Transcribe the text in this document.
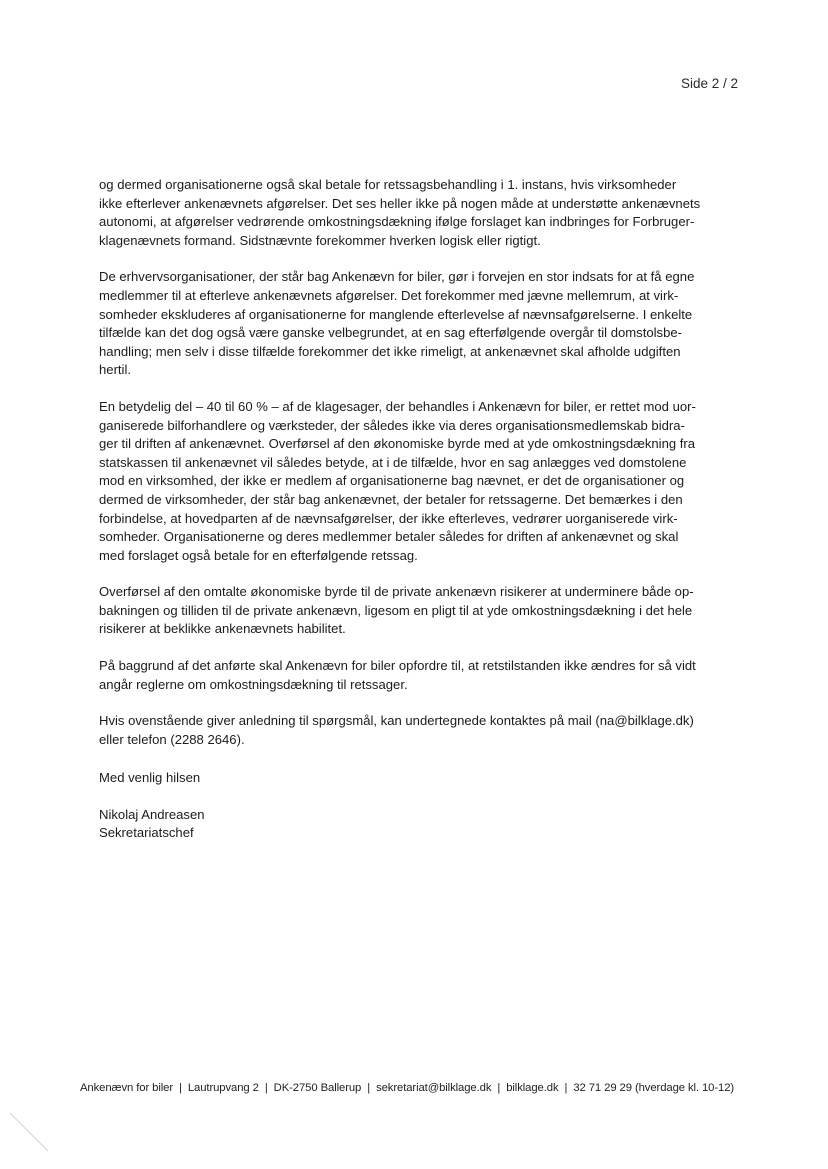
Side 2 / 2

og dermed organisationerne også skal betale for retssagsbehandling i 1. instans, hvis virksomheder
ikke efterlever ankenævnets afgørelser. Det ses heller ikke på nogen måde at understøtte ankenævnets
autonomi, at afgørelser vedrørende omkostningsdækning ifølge forslaget kan indbringes for Forbruger-
klagenævnets formand. Sidstnævnte forekommer hverken logisk eller rigtigt.

De erhvervsorganisationer, der står bag Ankenævn for biler, gør i forvejen en stor indsats for at få egne
medlemmer til at efterleve ankenævnets afgørelser. Det forekommer med jævne mellemrum, at virk-
somheder ekskluderes af organisationerne for manglende efterlevelse af nævnsafgørelserne. I enkelte
tilfælde kan det dog også være ganske velbegrundet, at en sag efterfølgende overgår til domstolsbe-
handling; men selv i disse tilfælde forekommer det ikke rimeligt, at ankenævnet skal afholde udgiften
hertil.

En betydelig del – 40 til 60 % – af de klagesager, der behandles i Ankenævn for biler, er rettet mod uor-
ganiserede bilforhandlere og værksteder, der således ikke via deres organisationsmedlemskab bidra-
ger til driften af ankenævnet. Overførsel af den økonomiske byrde med at yde omkostningsdækning fra
statskassen til ankenævnet vil således betyde, at i de tilfælde, hvor en sag anlægges ved domstolene
mod en virksomhed, der ikke er medlem af organisationerne bag nævnet, er det de organisationer og
dermed de virksomheder, der står bag ankenævnet, der betaler for retssagerne. Det bemærkes i den
forbindelse, at hovedparten af de nævnsafgørelser, der ikke efterleves, vedrører uorganiserede virk-
somheder. Organisationerne og deres medlemmer betaler således for driften af ankenævnet og skal
med forslaget også betale for en efterfølgende retssag.

Overførsel af den omtalte økonomiske byrde til de private ankenævn risikerer at underminere både op-
bakningen og tilliden til de private ankenævn, ligesom en pligt til at yde omkostningsdækning i det hele
risikerer at beklikke ankenævnets habilitet.

På baggrund af det anførte skal Ankenævn for biler opfordre til, at retstilstanden ikke ændres for så vidt
angår reglerne om omkostningsdækning til retssager.

Hvis ovenstående giver anledning til spørgsmål, kan undertegnede kontaktes på mail (na@bilklage.dk)
eller telefon (2288 2646).

Med venlig hilsen
Nikolaj Andreasen
Sekretariatschef
Ankenævn for biler | Lautrupvang 2 | DK-2750 Ballerup | sekretariat@bilklage.dk | bilklage.dk | 32 71 29 29 (hverdage kl. 10-12)
